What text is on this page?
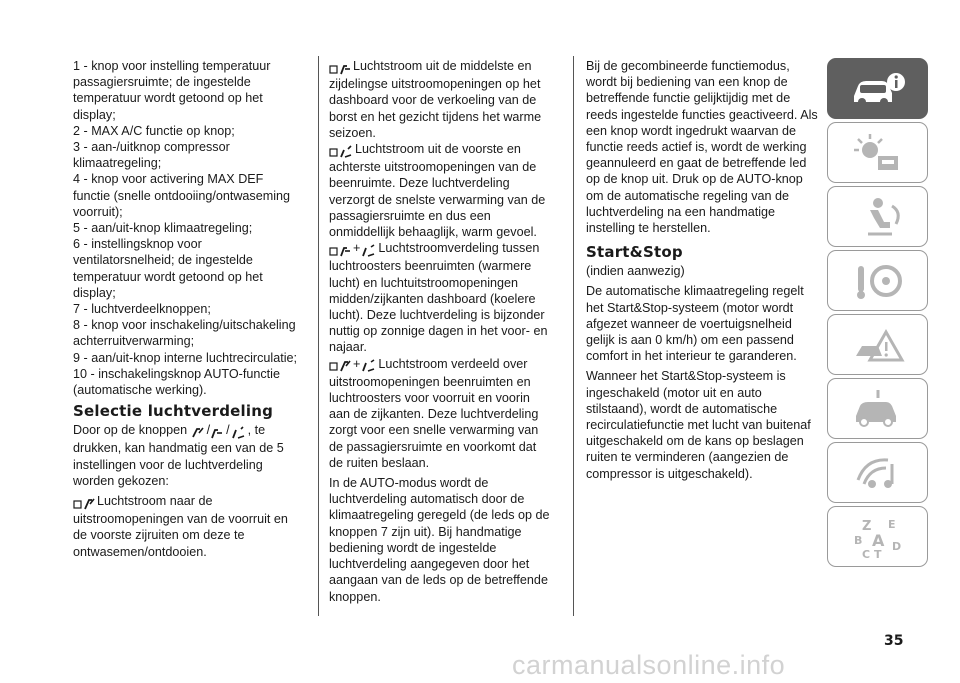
1 - knop voor instelling temperatuur passagiersruimte; de ingestelde temperatuur wordt getoond op het display;

2 - MAX A/C functie op knop;

3 - aan-/uitknop compressor klimaatregeling;

4 - knop voor activering MAX DEF functie (snelle ontdooiing/ontwaseming voorruit);

5 - aan/uit-knop klimaatregeling;

6 - instellingsknop voor ventilatorsnelheid; de ingestelde temperatuur wordt getoond op het display;

7 - luchtverdeelknoppen;

8 - knop voor inschakeling/uitschakeling achterruitverwarming;

9 - aan/uit-knop interne luchtrecirculatie;

10 - inschakelingsknop AUTO-functie (automatische werking).

Selectie luchtverdeling

Door op de knoppen / / , te drukken, kan handmatig een van de 5 instellingen voor de luchtverdeling worden gekozen:

Luchtstroom naar de uitstroomopeningen van de voorruit en de voorste zijruiten om deze te ontwasemen/ontdooien.

Luchtstroom uit de middelste en zijdelingse uitstroomopeningen op het dashboard voor de verkoeling van de borst en het gezicht tijdens het warme seizoen.

Luchtstroom uit de voorste en achterste uitstroomopeningen van de beenruimte. Deze luchtverdeling verzorgt de snelste verwarming van de passagiersruimte en dus een onmiddellijk behaaglijk, warm gevoel.

+ Luchtstroomverdeling tussen luchtroosters beenruimten (warmere lucht) en luchtuitstroomopeningen midden/zijkanten dashboard (koelere lucht). Deze luchtverdeling is bijzonder nuttig op zonnige dagen in het voor- en najaar.

+ Luchtstroom verdeeld over uitstroomopeningen beenruimten en luchtroosters voor voorruit en voorin aan de zijkanten. Deze luchtverdeling zorgt voor een snelle verwarming van de passagiersruimte en voorkomt dat de ruiten beslaan.

In de AUTO-modus wordt de luchtverdeling automatisch door de klimaatregeling geregeld (de leds op de knoppen 7 zijn uit). Bij handmatige bediening wordt de ingestelde luchtverdeling aangegeven door het aangaan van de leds op de betreffende knoppen.

Bij de gecombineerde functiemodus, wordt bij bediening van een knop de betreffende functie gelijktijdig met de reeds ingestelde functies geactiveerd. Als een knop wordt ingedrukt waarvan de functie reeds actief is, wordt de werking geannuleerd en gaat de betreffende led op de knop uit. Druk op de AUTO-knop om de automatische regeling van de luchtverdeling na een handmatige instelling te herstellen.

Start&Stop

(indien aanwezig)

De automatische klimaatregeling regelt het Start&Stop-systeem (motor wordt afgezet wanneer de voertuigsnelheid gelijk is aan 0 km/h) om een passend comfort in het interieur te garanderen.

Wanneer het Start&Stop-systeem is ingeschakeld (motor uit en auto stilstaand), wordt de automatische recirculatiefunctie met lucht van buitenaf uitgeschakeld om de kans op beslagen ruiten te verminderen (aangezien de compressor is uitgeschakeld).

Z E
B A
C T
D
35
carmanualsonline.info
